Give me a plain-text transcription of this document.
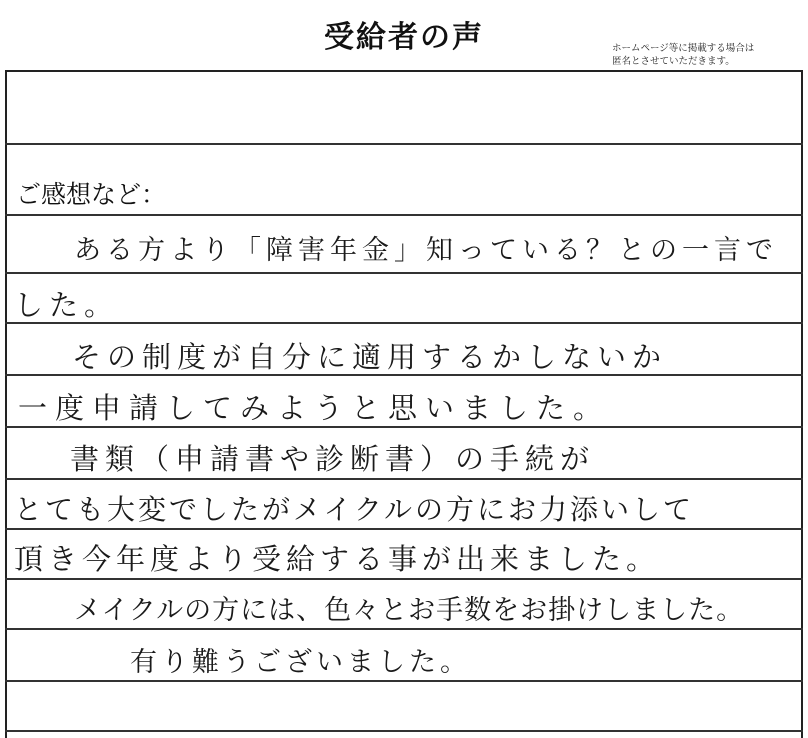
受給者の声	ホームページ等に掲載する場合は
匿名とさせていただきます。
ご感想など：
ある方より「障害年金」知っている？との一言で
した。
その制度が自分に適用するかしないか
一度申請してみようと思いました。
書類（申請書や診断書）の手続が
とても大変でしたがメイクルの方にお力添いして
頂き今年度より受給する事が出来ました。
メイクルの方には、色々とお手数をお掛けしました。
有り難うございました。
